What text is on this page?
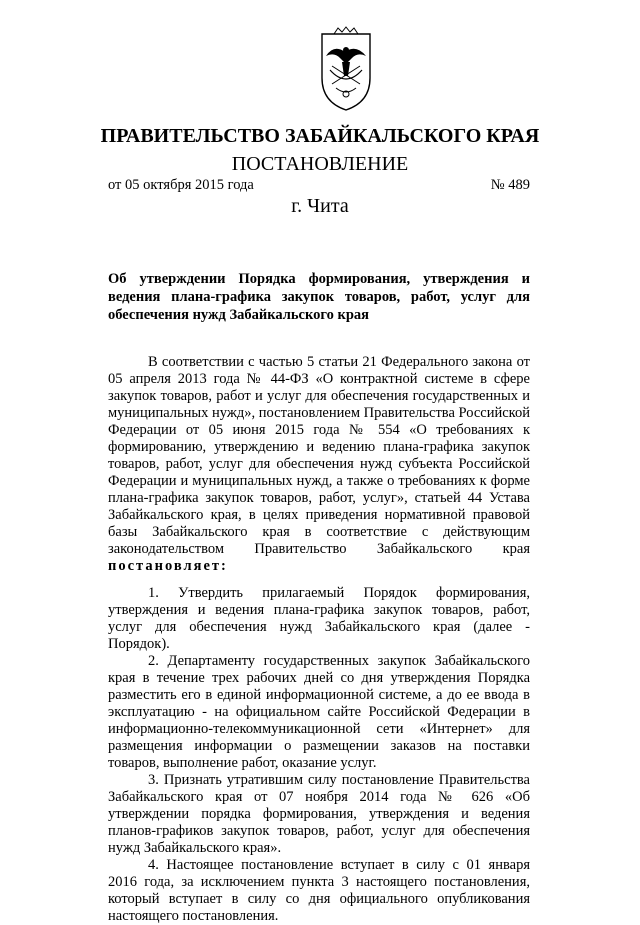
ПРАВИТЕЛЬСТВО ЗАБАЙКАЛЬСКОГО КРАЯ
ПОСТАНОВЛЕНИЕ
от 05 октября 2015 года	№ 489
г. Чита
Об утверждении Порядка формирования, утверждения и ведения плана-графика закупок товаров, работ, услуг для обеспечения нужд Забайкальского края

В соответствии с частью 5 статьи 21 Федерального закона от 05 апреля 2013 года № 44-ФЗ «О контрактной системе в сфере закупок товаров, работ и услуг для обеспечения государственных и муниципальных нужд», постановлением Правительства Российской Федерации от 05 июня 2015 года № 554 «О требованиях к формированию, утверждению и ведению плана-графика закупок товаров, работ, услуг для обеспечения нужд субъекта Российской Федерации и муниципальных нужд, а также о требованиях к форме плана-графика закупок товаров, работ, услуг», статьей 44 Устава Забайкальского края, в целях приведения нормативной правовой базы Забайкальского края в соответствие с действующим законодательством Правительство Забайкальского края постановляет:

1. Утвердить прилагаемый Порядок формирования, утверждения и ведения плана-графика закупок товаров, работ, услуг для обеспечения нужд Забайкальского края (далее - Порядок).

2. Департаменту государственных закупок Забайкальского края в течение трех рабочих дней со дня утверждения Порядка разместить его в единой информационной системе, а до ее ввода в эксплуатацию - на официальном сайте Российской Федерации в информационно-телекоммуникационной сети «Интернет» для размещения информации о размещении заказов на поставки товаров, выполнение работ, оказание услуг.

3. Признать утратившим силу постановление Правительства Забайкальского края от 07 ноября 2014 года № 626 «Об утверждении порядка формирования, утверждения и ведения планов-графиков закупок товаров, работ, услуг для обеспечения нужд Забайкальского края».

4. Настоящее постановление вступает в силу с 01 января 2016 года, за исключением пункта 3 настоящего постановления, который вступает в силу со дня официального опубликования настоящего постановления.
